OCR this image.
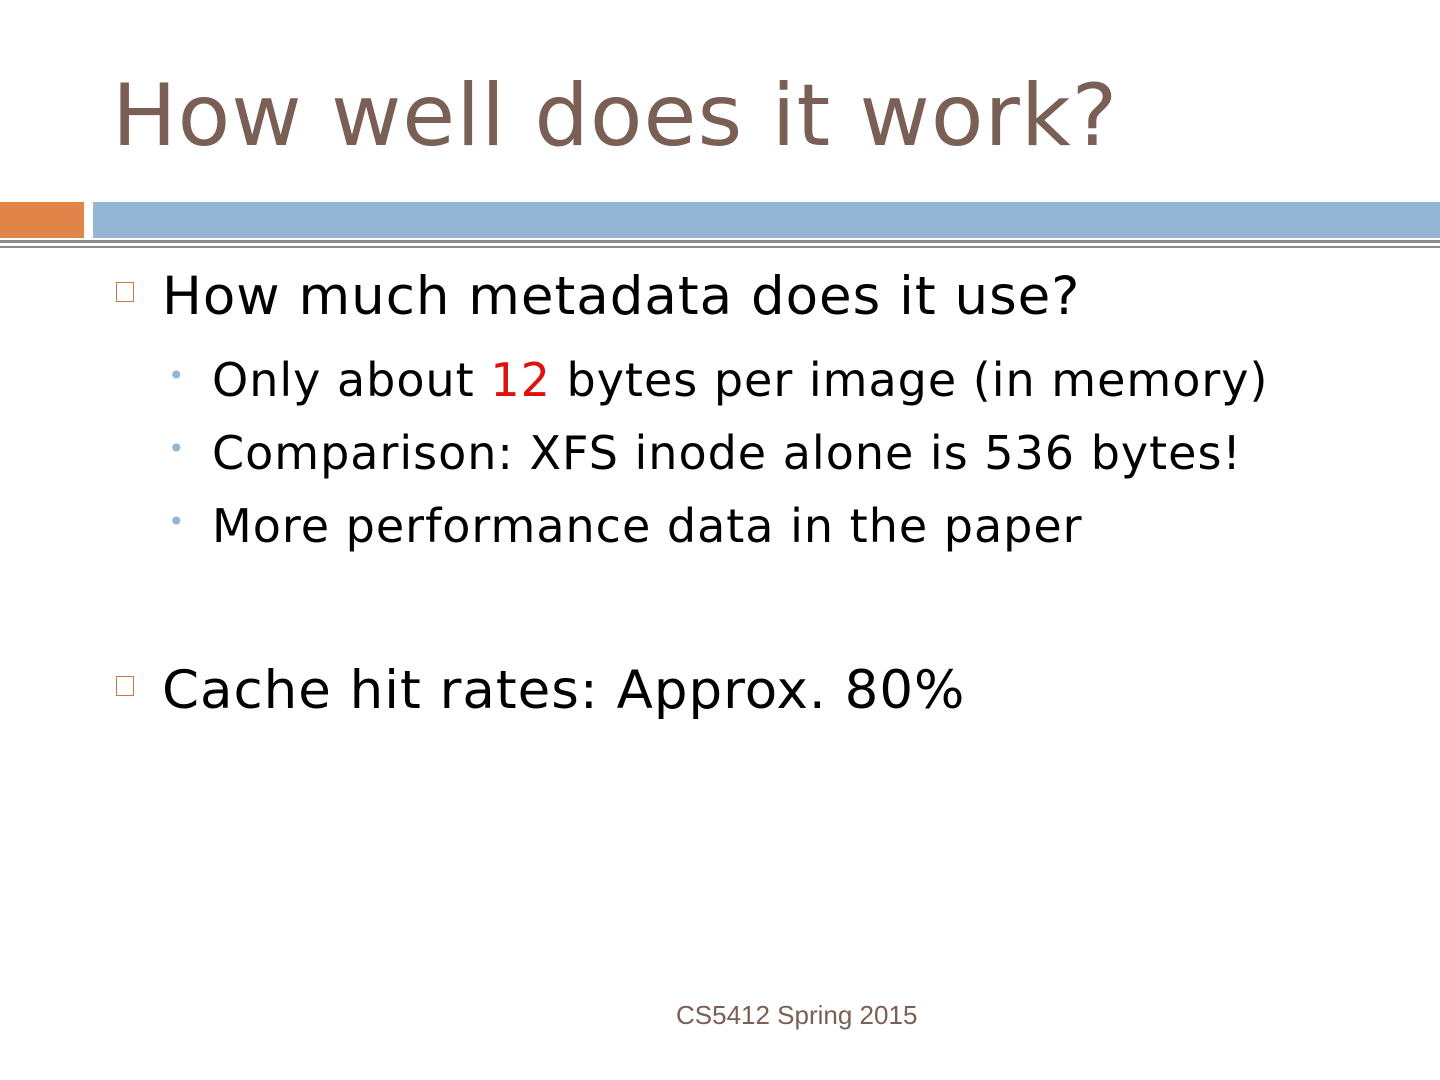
How well does it work?
How much metadata does it use?
• Only about 12 bytes per image (in memory)
• Comparison: XFS inode alone is 536 bytes!
• More performance data in the paper
Cache hit rates: Approx. 80%
CS5412 Spring 2015
